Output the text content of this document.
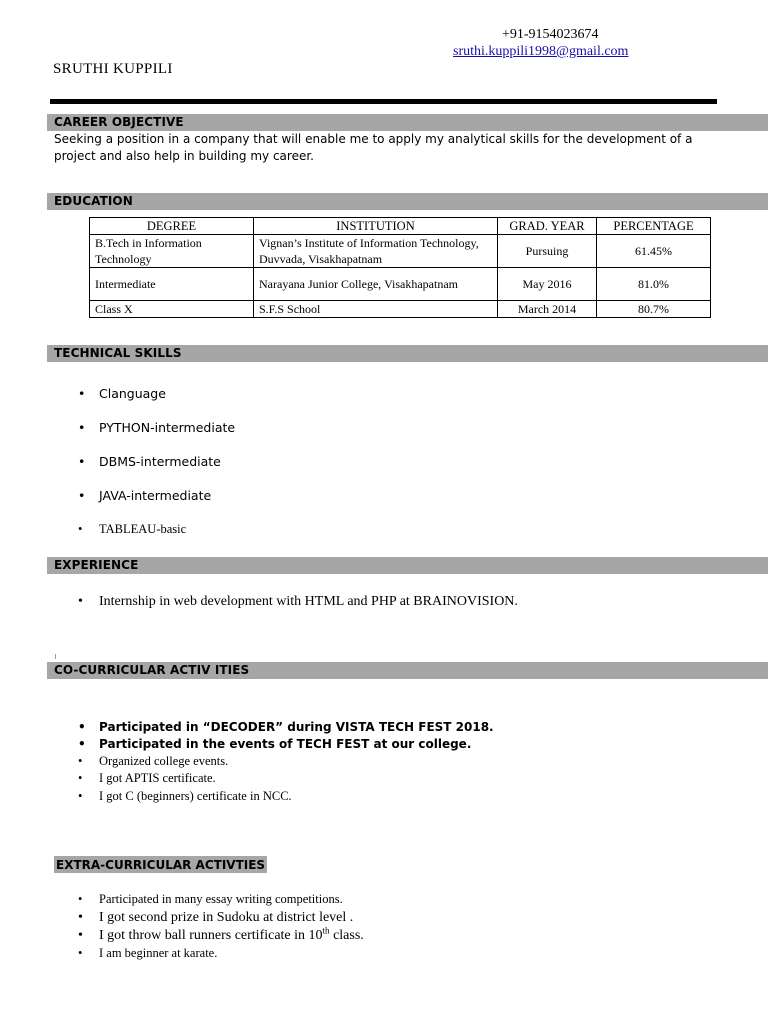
+91-9154023674
sruthi.kuppili1998@gmail.com
SRUTHI KUPPILI
CAREER OBJECTIVE
Seeking a position in a company that will enable me to apply my analytical skills for the development of a project and also help in building my career.
EDUCATION
DEGREE	INSTITUTION	GRAD. YEAR	PERCENTAGE
B.Tech in Information Technology	Vignan’s Institute of Information Technology, Duvvada, Visakhapatnam	Pursuing	61.45%
Intermediate	Narayana Junior College, Visakhapatnam	May 2016	81.0%
Class X	S.F.S School	March 2014	80.7%
TECHNICAL SKILLS
• Clanguage
• PYTHON-intermediate
• DBMS-intermediate
• JAVA-intermediate
• TABLEAU-basic
EXPERIENCE
• Internship in web development with HTML and PHP at BRAINOVISION.
CO-CURRICULAR ACTIV ITIES
• Participated in “DECODER” during VISTA TECH FEST 2018.
• Participated in the events of TECH FEST at our college.
• Organized college events.
• I got APTIS certificate.
• I got C (beginners) certificate in NCC.
EXTRA-CURRICULAR ACTIVTIES
• Participated in many essay writing competitions.
• I got second prize in Sudoku at district level .
• I got throw ball runners certificate in 10th class.
• I am beginner at karate.
